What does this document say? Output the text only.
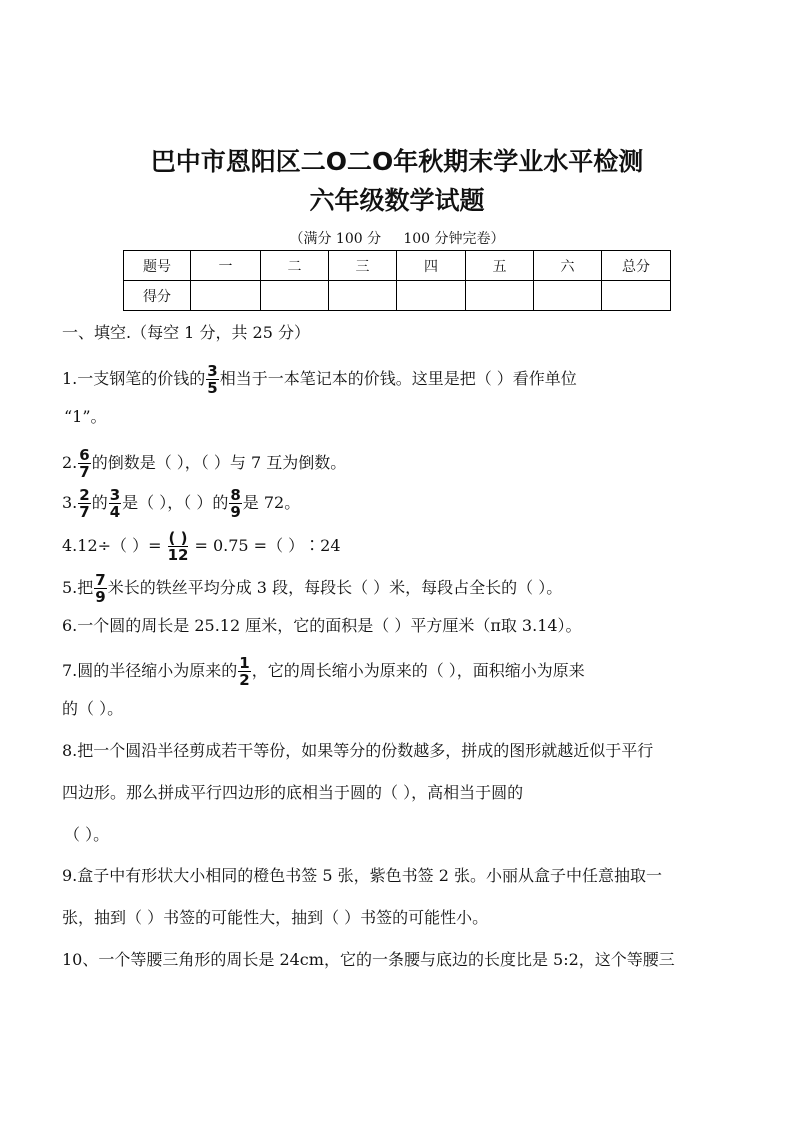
巴中市恩阳区二O二O年秋期末学业水平检测
六年级数学试题
（满分 100 分     100 分钟完卷）
题号	一	二	三	四	五	六	总分
得分							
一、填空.（每空 1 分，共 25 分）
1.一支钢笔的价钱的 $\frac{3}{5}$ 相当于一本笔记本的价钱。这里是把（ ）看作单位
“1”。
2. $\frac{6}{7}$ 的倒数是（ ），（ ）与 7 互为倒数。
3. $\frac{2}{7}$ 的 $\frac{3}{4}$ 是（ ），（ ）的 $\frac{8}{9}$ 是 72。
4.12÷（ ）= $\frac{( )}{12} = 0.75$ =（ ）∶24
5.把 $\frac{7}{9}$ 米长的铁丝平均分成 3 段，每段长（ ）米，每段占全长的（ ）。
6.一个圆的周长是 25.12 厘米，它的面积是（ ）平方厘米（π取 3.14）。
7.圆的半径缩小为原来的 $\frac{1}{2}$ ，它的周长缩小为原来的（ ），面积缩小为原来
的（ ）。
8.把一个圆沿半径剪成若干等份，如果等分的份数越多，拼成的图形就越近似于平行
四边形。那么拼成平行四边形的底相当于圆的（ ），高相当于圆的
（ ）。
9.盒子中有形状大小相同的橙色书签 5 张，紫色书签 2 张。小丽从盒子中任意抽取一
张，抽到（ ）书签的可能性大，抽到（ ）书签的可能性小。
10、一个等腰三角形的周长是 24cm，它的一条腰与底边的长度比是 5:2，这个等腰三
